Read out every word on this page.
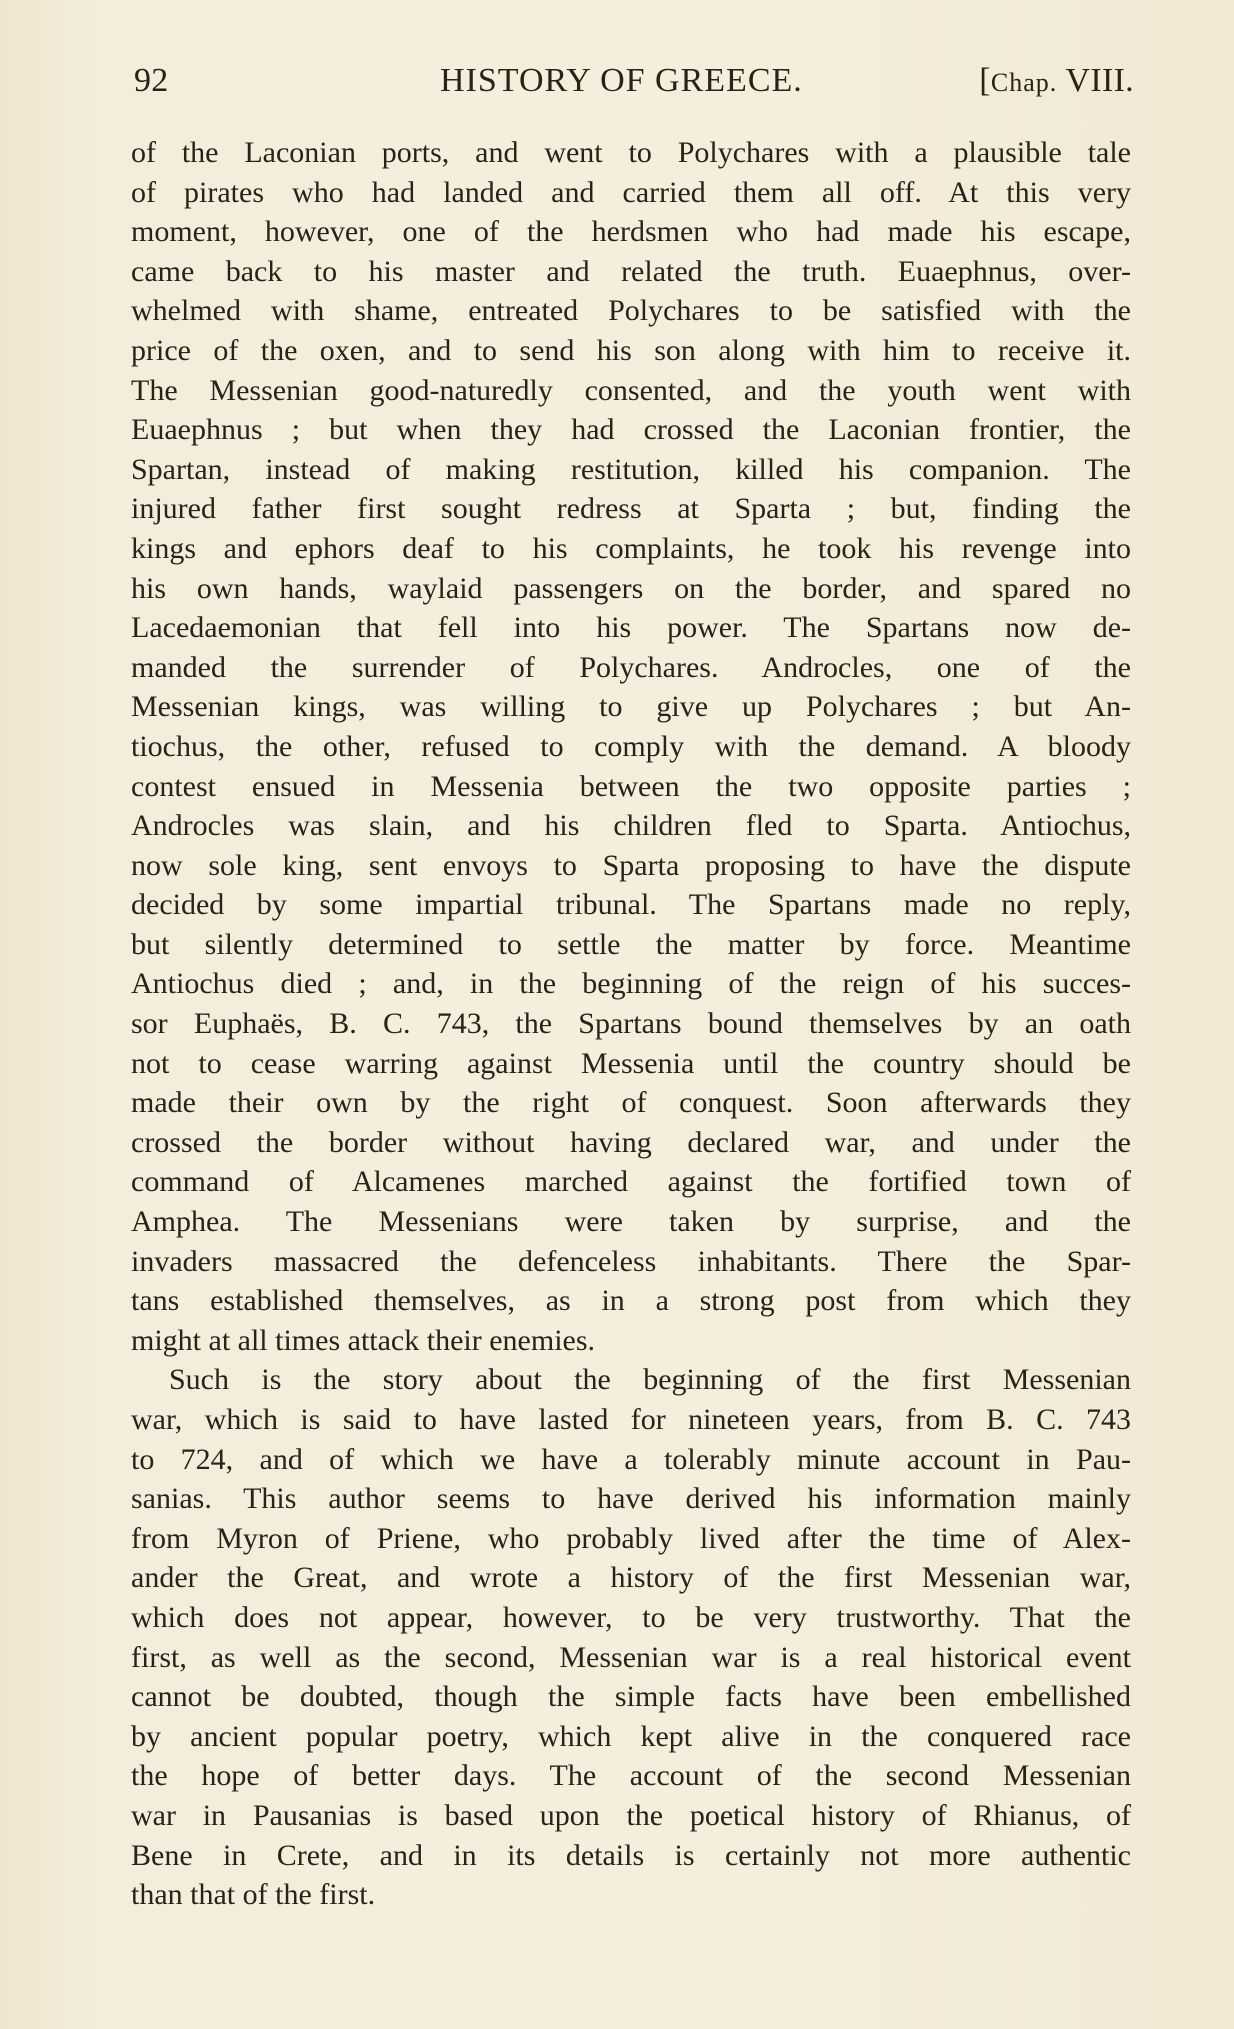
92	HISTORY OF GREECE.	[Chap. VIII.
of the Laconian ports, and went to Polychares with a plausible tale
of pirates who had landed and carried them all off. At this very
moment, however, one of the herdsmen who had made his escape,
came back to his master and related the truth. Euaephnus, over-
whelmed with shame, entreated Polychares to be satisfied with the
price of the oxen, and to send his son along with him to receive it.
The Messenian good-naturedly consented, and the youth went with
Euaephnus ; but when they had crossed the Laconian frontier, the
Spartan, instead of making restitution, killed his companion. The
injured father first sought redress at Sparta ; but, finding the
kings and ephors deaf to his complaints, he took his revenge into
his own hands, waylaid passengers on the border, and spared no
Lacedaemonian that fell into his power. The Spartans now de-
manded the surrender of Polychares. Androcles, one of the
Messenian kings, was willing to give up Polychares ; but An-
tiochus, the other, refused to comply with the demand. A bloody
contest ensued in Messenia between the two opposite parties ;
Androcles was slain, and his children fled to Sparta. Antiochus,
now sole king, sent envoys to Sparta proposing to have the dispute
decided by some impartial tribunal. The Spartans made no reply,
but silently determined to settle the matter by force. Meantime
Antiochus died ; and, in the beginning of the reign of his succes-
sor Euphaës, B. C. 743, the Spartans bound themselves by an oath
not to cease warring against Messenia until the country should be
made their own by the right of conquest. Soon afterwards they
crossed the border without having declared war, and under the
command of Alcamenes marched against the fortified town of
Amphea. The Messenians were taken by surprise, and the
invaders massacred the defenceless inhabitants. There the Spar-
tans established themselves, as in a strong post from which they
might at all times attack their enemies.
Such is the story about the beginning of the first Messenian
war, which is said to have lasted for nineteen years, from B. C. 743
to 724, and of which we have a tolerably minute account in Pau-
sanias. This author seems to have derived his information mainly
from Myron of Priene, who probably lived after the time of Alex-
ander the Great, and wrote a history of the first Messenian war,
which does not appear, however, to be very trustworthy. That the
first, as well as the second, Messenian war is a real historical event
cannot be doubted, though the simple facts have been embellished
by ancient popular poetry, which kept alive in the conquered race
the hope of better days. The account of the second Messenian
war in Pausanias is based upon the poetical history of Rhianus, of
Bene in Crete, and in its details is certainly not more authentic
than that of the first.
